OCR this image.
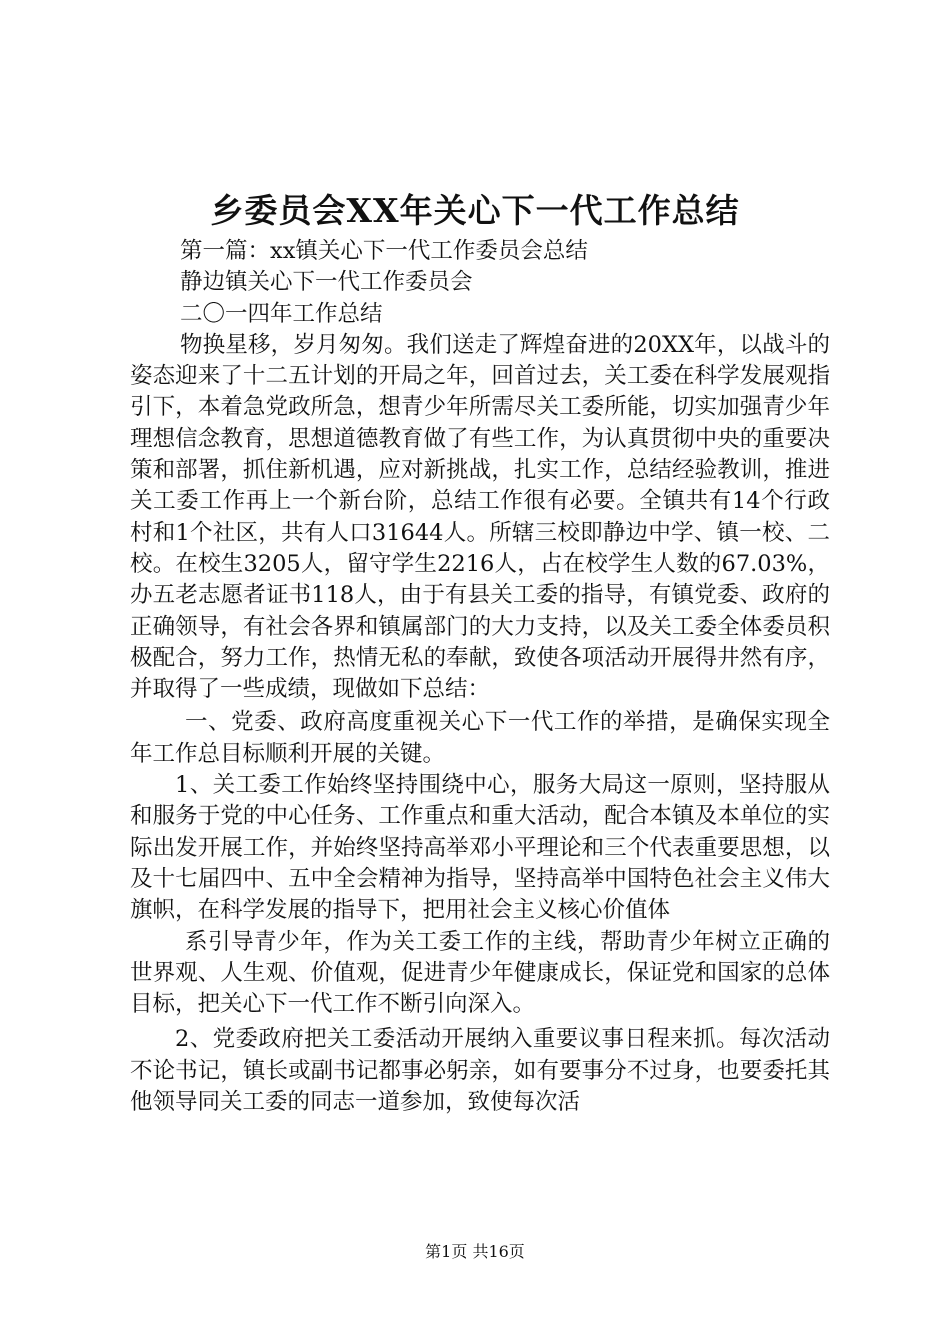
乡委员会XX年关心下一代工作总结

第一篇：xx镇关心下一代工作委员会总结

静边镇关心下一代工作委员会

二〇一四年工作总结

物换星移，岁月匆匆。我们送走了辉煌奋进的20XX年，以战斗的姿态迎来了十二五计划的开局之年，回首过去，关工委在科学发展观指引下，本着急党政所急，想青少年所需尽关工委所能，切实加强青少年理想信念教育，思想道德教育做了有些工作，为认真贯彻中央的重要决策和部署，抓住新机遇，应对新挑战，扎实工作，总结经验教训，推进关工委工作再上一个新台阶，总结工作很有必要。全镇共有14个行政村和1个社区，共有人口31644人。所辖三校即静边中学、镇一校、二校。在校生3205人，留守学生2216人，占在校学生人数的67.03%，办五老志愿者证书118人，由于有县关工委的指导，有镇党委、政府的正确领导，有社会各界和镇属部门的大力支持，以及关工委全体委员积极配合，努力工作，热情无私的奉献，致使各项活动开展得井然有序，并取得了一些成绩，现做如下总结：

一、党委、政府高度重视关心下一代工作的举措，是确保实现全年工作总目标顺利开展的关键。

1、关工委工作始终坚持围绕中心，服务大局这一原则，坚持服从和服务于党的中心任务、工作重点和重大活动，配合本镇及本单位的实际出发开展工作，并始终坚持高举邓小平理论和三个代表重要思想，以及十七届四中、五中全会精神为指导，坚持高举中国特色社会主义伟大旗帜，在科学发展的指导下，把用社会主义核心价值体

系引导青少年，作为关工委工作的主线，帮助青少年树立正确的世界观、人生观、价值观，促进青少年健康成长，保证党和国家的总体目标，把关心下一代工作不断引向深入。

2、党委政府把关工委活动开展纳入重要议事日程来抓。每次活动不论书记，镇长或副书记都事必躬亲，如有要事分不过身，也要委托其他领导同关工委的同志一道参加，致使每次活

第1页 共16页
